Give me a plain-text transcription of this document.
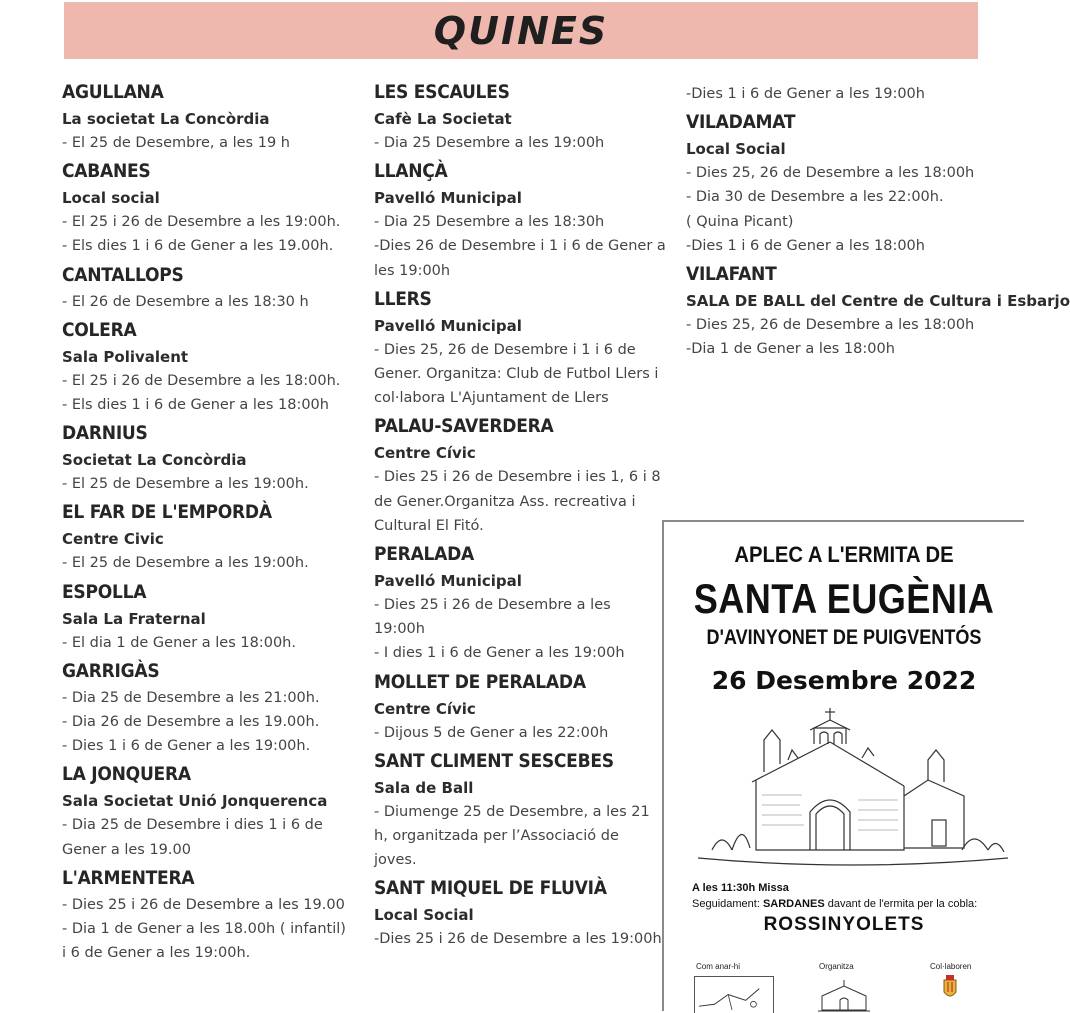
QUINES
AGULLANA
La societat La Concòrdia
- El 25 de Desembre, a les 19 h
CABANES
Local social
- El 25 i 26 de Desembre a les 19:00h.
- Els dies 1 i 6 de Gener a les 19.00h.
CANTALLOPS
- El 26 de Desembre a les 18:30 h
COLERA
Sala Polivalent
- El 25 i 26 de Desembre a les 18:00h.
- Els dies 1 i 6 de Gener a les 18:00h
DARNIUS
Societat La Concòrdia
- El 25 de Desembre a les 19:00h.
EL FAR DE L'EMPORDÀ
Centre Civic
- El 25 de Desembre a les 19:00h.
ESPOLLA
Sala La Fraternal
- El dia 1 de Gener a les 18:00h.
GARRIGÀS
- Dia 25 de Desembre a les 21:00h.
- Dia 26 de Desembre a les 19.00h.
- Dies 1 i 6 de Gener a les 19:00h.
LA JONQUERA
Sala Societat Unió Jonquerenca
- Dia 25 de Desembre i dies 1 i 6 de Gener a les 19.00
L'ARMENTERA
- Dies 25 i 26 de Desembre a les 19.00
- Dia 1 de Gener a les 18.00h ( infantil) i 6 de Gener a les 19:00h.
LES ESCAULES
Cafè La Societat
- Dia 25 Desembre a les 19:00h
LLANÇÀ
Pavelló Municipal
- Dia 25 Desembre a les 18:30h
-Dies 26 de Desembre i 1 i 6 de Gener a les 19:00h
LLERS
Pavelló Municipal
- Dies 25, 26 de Desembre i 1 i 6 de Gener. Organitza: Club de Futbol Llers i col·labora L'Ajuntament de Llers
PALAU-SAVERDERA
Centre Cívic
- Dies 25 i 26 de Desembre i ies 1, 6 i 8 de Gener.Organitza Ass. recreativa i Cultural El Fitó.
PERALADA
Pavelló Municipal
- Dies 25 i 26 de Desembre a les 19:00h
- I dies 1 i 6 de Gener a les 19:00h
MOLLET DE PERALADA
Centre Cívic
- Dijous 5 de Gener a les 22:00h
SANT CLIMENT SESCEBES
Sala de Ball
- Diumenge 25 de Desembre, a les 21 h, organitzada per l’Associació de joves.
SANT MIQUEL DE FLUVIÀ
Local Social
-Dies 25 i 26 de Desembre a les 19:00h
-Dies 1 i 6 de Gener a les 19:00h
VILADAMAT
Local Social
- Dies 25, 26 de Desembre a les 18:00h
- Dia 30 de Desembre a les 22:00h.
( Quina Picant)
-Dies 1 i 6 de Gener a les 18:00h
VILAFANT
SALA DE BALL del Centre de Cultura i Esbarjo
- Dies 25, 26 de Desembre a les 18:00h
-Dia 1 de Gener a les 18:00h
APLEC A L'ERMITA DE
SANTA EUGÈNIA
D'AVINYONET DE PUIGVENTÓS
26 Desembre 2022
A les 11:30h Missa
Seguidament: SARDANES davant de l'ermita per la cobla:
ROSSINYOLETS
Com anar-hi	Organitza	Col·laboren
